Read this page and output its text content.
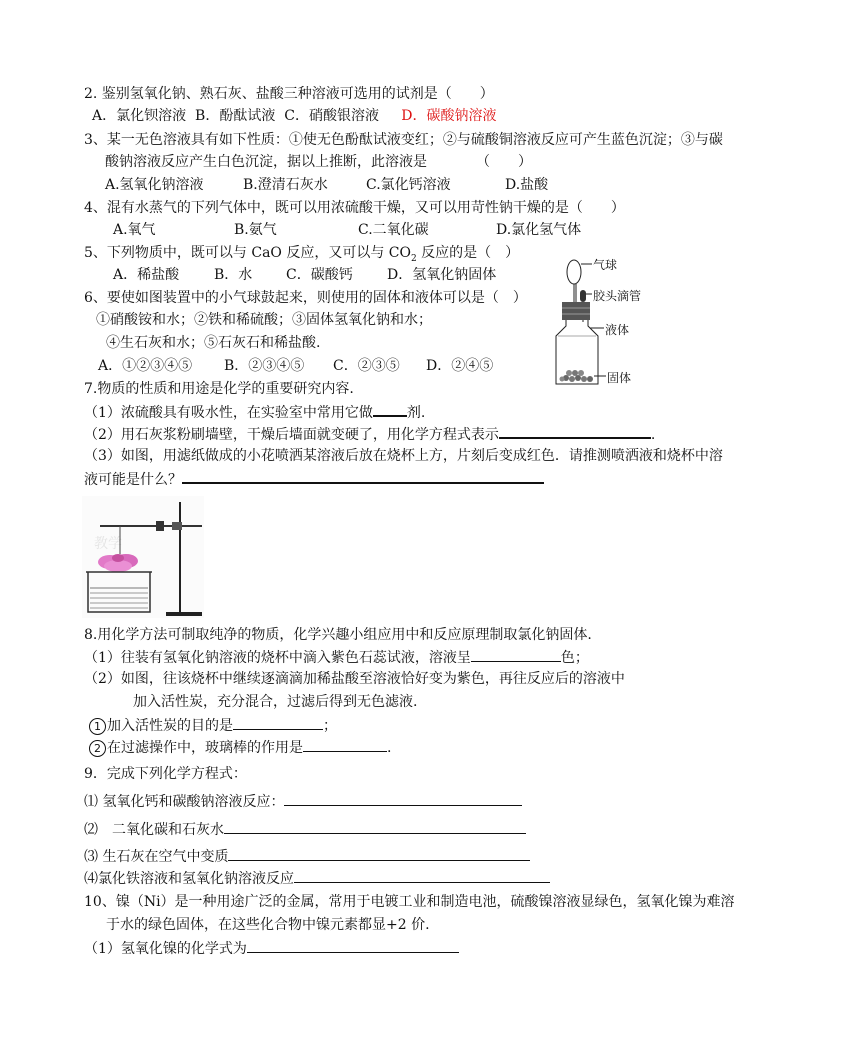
2. 鉴别氢氧化钠、熟石灰、盐酸三种溶液可选用的试剂是（　　）
A．氯化钡溶液 B．酚酞试液 C．硝酸银溶液 D．碳酸钠溶液
3、某一无色溶液具有如下性质：①使无色酚酞试液变红；②与硫酸铜溶液反应可产生蓝色沉淀；③与碳
酸钠溶液反应产生白色沉淀，据以上推断，此溶液是　　　　（　　）
A.氢氧化钠溶液	B.澄清石灰水	C.氯化钙溶液	D.盐酸
4、混有水蒸气的下列气体中，既可以用浓硫酸干燥，又可以用苛性钠干燥的是（　　）
A.氧气	B.氨气	C.二氧化碳	D.氯化氢气体
5、下列物质中，既可以与 CaO 反应，又可以与 $CO_2$ 反应的是（　）
A．稀盐酸 B．水 C．碳酸钙 D．氢氧化钠固体
6、要使如图装置中的小气球鼓起来，则使用的固体和液体可以是（　）
①硝酸铵和水；②铁和稀硫酸；③固体氢氧化钠和水；
④生石灰和水；⑤石灰石和稀盐酸.
A．①②③④⑤ B．②③④⑤ C．②③⑤ D．②④⑤
气球
胶头滴管
液体
固体
7.物质的性质和用途是化学的重要研究内容.
（1）浓硫酸具有吸水性，在实验室中常用它做 剂.
（2）用石灰浆粉刷墙壁，干燥后墙面就变硬了，用化学方程式表示	.
（3）如图，用滤纸做成的小花喷洒某溶液后放在烧杯上方，片刻后变成红色．请推测喷洒液和烧杯中溶
液可能是什么？
教学
8.用化学方法可制取纯净的物质，化学兴趣小组应用中和反应原理制取氯化钠固体.
（1）往装有氢氧化钠溶液的烧杯中滴入紫色石蕊试液，溶液呈	色；
（2）如图，往该烧杯中继续逐滴滴加稀盐酸至溶液恰好变为紫色，再往反应后的溶液中
加入活性炭，充分混合，过滤后得到无色滤液.
1 加入活性炭的目的是	；
2 在过滤操作中，玻璃棒的作用是	.
9．完成下列化学方程式：
⑴ 氢氧化钙和碳酸钠溶液反应：
⑵　二氧化碳和石灰水
⑶ 生石灰在空气中变质
⑷氯化铁溶液和氢氧化钠溶液反应
10、镍（Ni）是一种用途广泛的金属，常用于电镀工业和制造电池，硫酸镍溶液显绿色，氢氧化镍为难溶
于水的绿色固体，在这些化合物中镍元素都显+2 价.
（1）氢氧化镍的化学式为
